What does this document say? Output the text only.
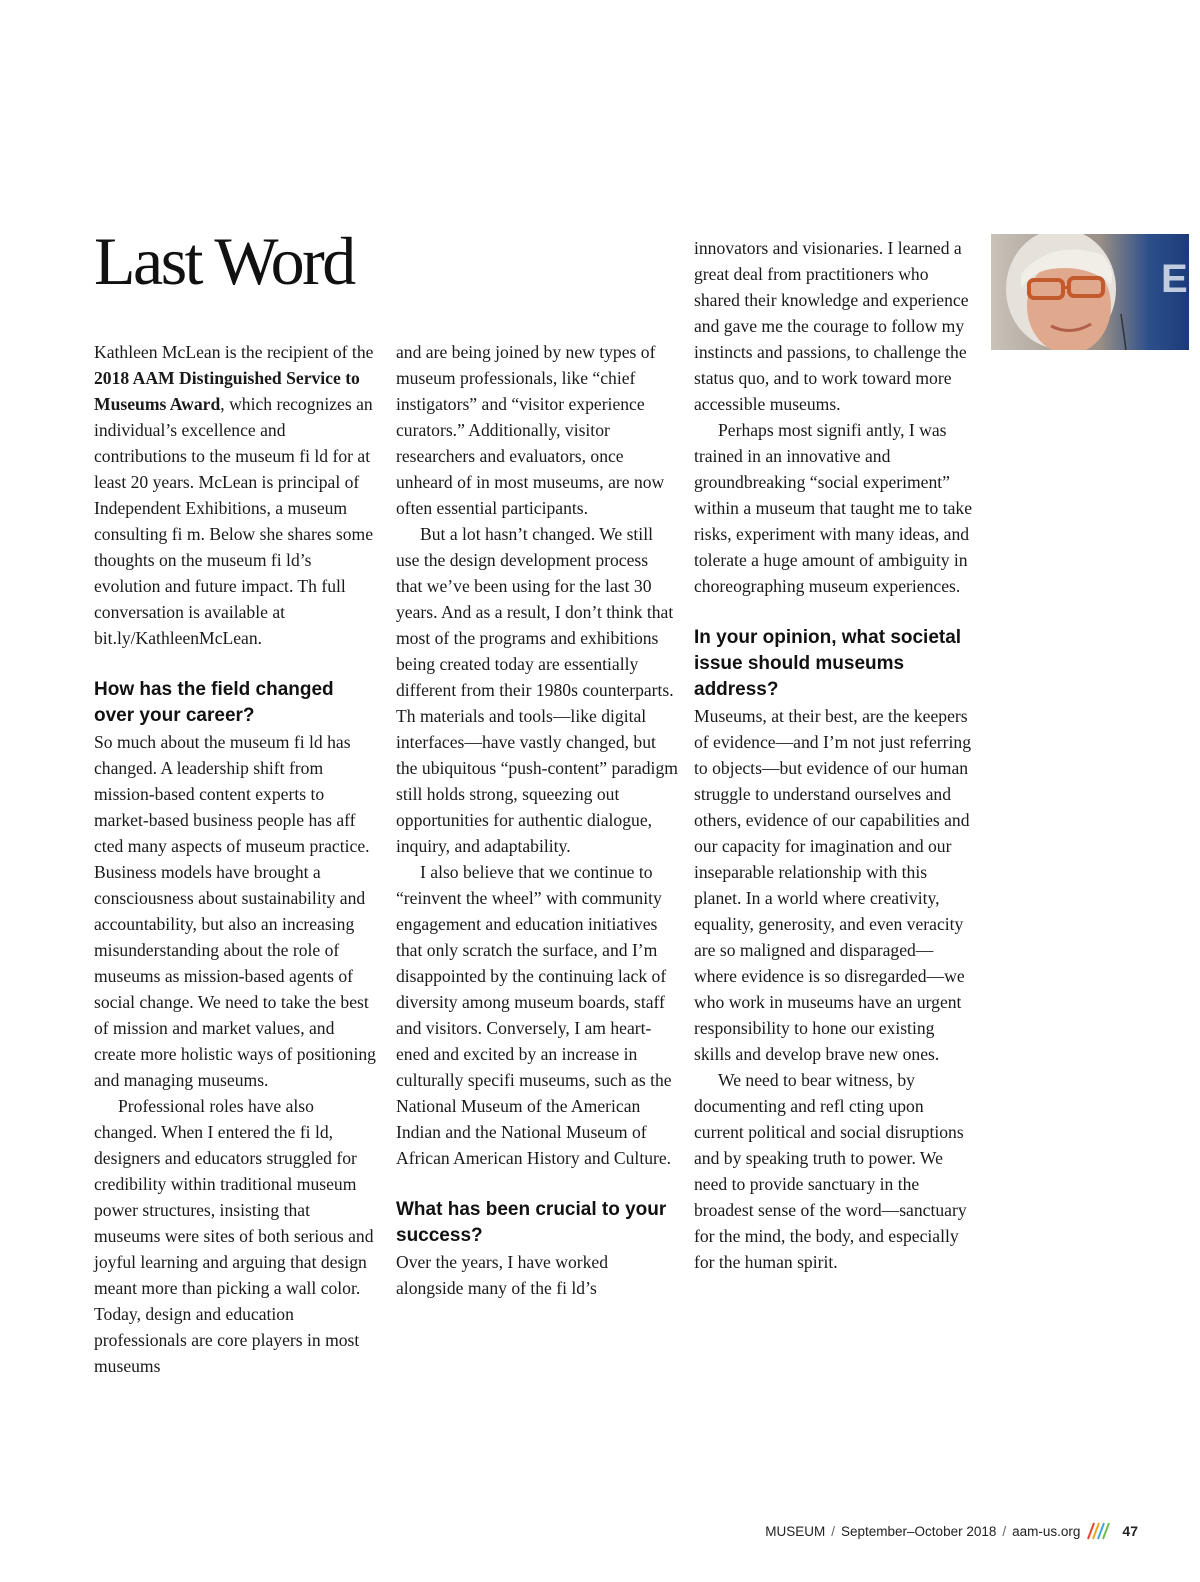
Last Word

Kathleen McLean is the recipient of the 2018 AAM Distinguished Service to Museums Award, which recognizes an individual’s excellence and contributions to the museum fi ld for at least 20 years. McLean is principal of Independent Exhibitions, a museum consulting fi m. Below she shares some thoughts on the museum fi ld’s evolution and future impact. Th full conversation is available at bit.ly/KathleenMcLean.

How has the field changed over your career?

So much about the museum fi ld has changed. A leadership shift from mission-based content experts to market-based business people has aff cted many aspects of museum practice. Business models have brought a consciousness about sustainability and accountability, but also an increasing misunderstanding about the role of museums as mission-based agents of social change. We need to take the best of mission and market values, and create more holistic ways of positioning and managing museums.

Professional roles have also changed. When I entered the fi ld, designers and educators struggled for credibility within traditional museum power structures, insisting that museums were sites of both serious and joyful learning and arguing that design meant more than picking a wall color. Today, design and education professionals are core players in most museums

and are being joined by new types of museum professionals, like “chief instigators” and “visitor experience curators.” Additionally, visitor researchers and evaluators, once unheard of in most museums, are now often essential participants.

But a lot hasn’t changed. We still use the design development process that we’ve been using for the last 30 years. And as a result, I don’t think that most of the programs and exhibitions being created today are essentially different from their 1980s counterparts. Th materials and tools—like digital interfaces—have vastly changed, but the ubiquitous “push-content” paradigm still holds strong, squeezing out opportunities for authentic dialogue, inquiry, and adaptability.

I also believe that we continue to “reinvent the wheel” with community engagement and education initiatives that only scratch the surface, and I’m disappointed by the continuing lack of diversity among museum boards, staff and visitors. Conversely, I am heartened and excited by an increase in culturally specifi museums, such as the National Museum of the American Indian and the National Museum of African American History and Culture.

What has been crucial to your success?

Over the years, I have worked alongside many of the fi ld’s

innovators and visionaries. I learned a great deal from practitioners who shared their knowledge and experience and gave me the courage to follow my instincts and passions, to challenge the status quo, and to work toward more accessible museums.

Perhaps most signifi antly, I was trained in an innovative and groundbreaking “social experiment” within a museum that taught me to take risks, experiment with many ideas, and tolerate a huge amount of ambiguity in choreographing museum experiences.

In your opinion, what societal issue should museums address?

Museums, at their best, are the keepers of evidence—and I’m not just referring to objects—but evidence of our human struggle to understand ourselves and others, evidence of our capabilities and our capacity for imagination and our inseparable relationship with this planet. In a world where creativity, equality, generosity, and even veracity are so maligned and disparaged—where evidence is so disregarded—we who work in museums have an urgent responsibility to hone our existing skills and develop brave new ones.

We need to bear witness, by documenting and refl cting upon current political and social disruptions and by speaking truth to power. We need to provide sanctuary in the broadest sense of the word—sanctuary for the mind, the body, and especially for the human spirit.

E
MUSEUM / September–October 2018 / aam-us.org	47
